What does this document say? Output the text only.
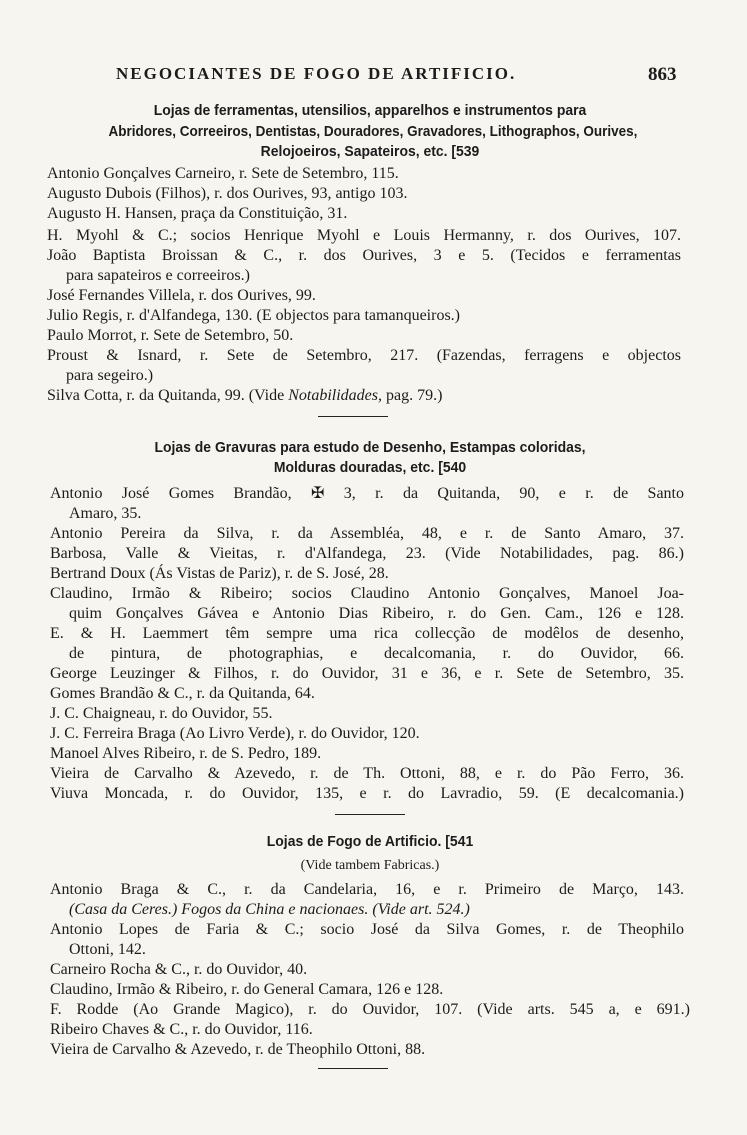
NEGOCIANTES DE FOGO DE ARTIFICIO.	863
Lojas de ferramentas, utensilios, apparelhos e instrumentos para
Abridores, Correeiros, Dentistas, Douradores, Gravadores, Lithographos, Ourives,
Relojoeiros, Sapateiros, etc. [539
Antonio Gonçalves Carneiro, r. Sete de Setembro, 115.
Augusto Dubois (Filhos), r. dos Ourives, 93, antigo 103.
Augusto H. Hansen, praça da Constituição, 31.
H. Myohl & C.; socios Henrique Myohl e Louis Hermanny, r. dos Ourives, 107.
João Baptista Broissan & C., r. dos Ourives, 3 e 5. (Tecidos e ferramentas
para sapateiros e correeiros.)
José Fernandes Villela, r. dos Ourives, 99.
Julio Regis, r. d'Alfandega, 130. (E objectos para tamanqueiros.)
Paulo Morrot, r. Sete de Setembro, 50.
Proust & Isnard, r. Sete de Setembro, 217. (Fazendas, ferragens e objectos
para segeiro.)
Silva Cotta, r. da Quitanda, 99. (Vide Notabilidades, pag. 79.)
Lojas de Gravuras para estudo de Desenho, Estampas coloridas,
Molduras douradas, etc. [540
Antonio José Gomes Brandão, ✠ 3, r. da Quitanda, 90, e r. de Santo
Amaro, 35.
Antonio Pereira da Silva, r. da Assembléa, 48, e r. de Santo Amaro, 37.
Barbosa, Valle & Vieitas, r. d'Alfandega, 23. (Vide Notabilidades, pag. 86.)
Bertrand Doux (Ás Vistas de Pariz), r. de S. José, 28.
Claudino, Irmão & Ribeiro; socios Claudino Antonio Gonçalves, Manoel Joa-
quim Gonçalves Gávea e Antonio Dias Ribeiro, r. do Gen. Cam., 126 e 128.
E. & H. Laemmert têm sempre uma rica collecção de modêlos de desenho,
de pintura, de photographias, e decalcomania, r. do Ouvidor, 66.
George Leuzinger & Filhos, r. do Ouvidor, 31 e 36, e r. Sete de Setembro, 35.
Gomes Brandão & C., r. da Quitanda, 64.
J. C. Chaigneau, r. do Ouvidor, 55.
J. C. Ferreira Braga (Ao Livro Verde), r. do Ouvidor, 120.
Manoel Alves Ribeiro, r. de S. Pedro, 189.
Vieira de Carvalho & Azevedo, r. de Th. Ottoni, 88, e r. do Pão Ferro, 36.
Viuva Moncada, r. do Ouvidor, 135, e r. do Lavradio, 59. (E decalcomania.)
Lojas de Fogo de Artificio. [541
(Vide tambem Fabricas.)
Antonio Braga & C., r. da Candelaria, 16, e r. Primeiro de Março, 143.
(Casa da Ceres.) Fogos da China e nacionaes. (Vide art. 524.)
Antonio Lopes de Faria & C.; socio José da Silva Gomes, r. de Theophilo
Ottoni, 142.
Carneiro Rocha & C., r. do Ouvidor, 40.
Claudino, Irmão & Ribeiro, r. do General Camara, 126 e 128.
F. Rodde (Ao Grande Magico), r. do Ouvidor, 107. (Vide arts. 545 a, e 691.)
Ribeiro Chaves & C., r. do Ouvidor, 116.
Vieira de Carvalho & Azevedo, r. de Theophilo Ottoni, 88.
